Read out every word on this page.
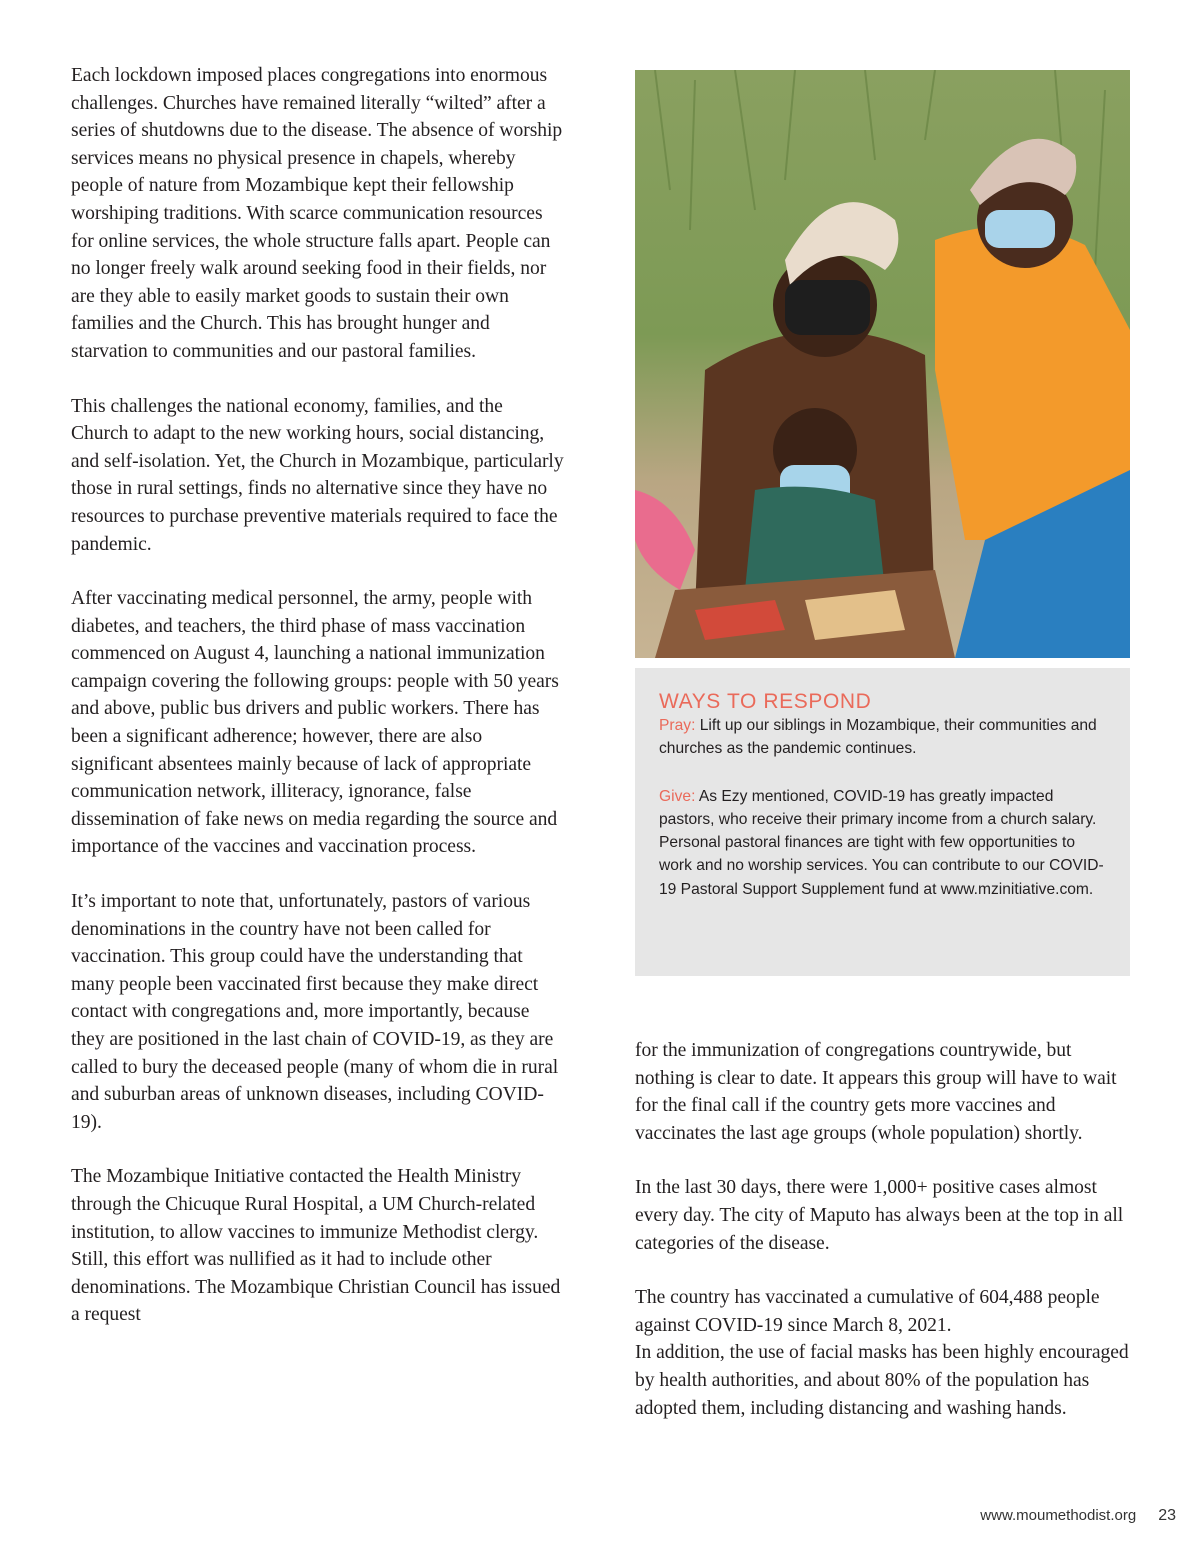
Each lockdown imposed places congregations into enormous challenges. Churches have remained literally “wilted” after a series of shutdowns due to the disease. The absence of worship services means no physical presence in chapels, whereby people of nature from Mozambique kept their fellowship worshiping traditions. With scarce communication resources for online services, the whole structure falls apart. People can no longer freely walk around seeking food in their fields, nor are they able to easily market goods to sustain their own families and the Church. This has brought hunger and starvation to communities and our pastoral families.

This challenges the national economy, families, and the Church to adapt to the new working hours, social distancing, and self-isolation. Yet, the Church in Mozambique, particularly those in rural settings, finds no alternative since they have no resources to purchase preventive materials required to face the pandemic.

After vaccinating medical personnel, the army, people with diabetes, and teachers, the third phase of mass vaccination commenced on August 4, launching a national immunization campaign covering the following groups: people with 50 years and above, public bus drivers and public workers. There has been a significant adherence; however, there are also significant absentees mainly because of lack of appropriate communication network, illiteracy, ignorance, false dissemination of fake news on media regarding the source and importance of the vaccines and vaccination process.

It’s important to note that, unfortunately, pastors of various denominations in the country have not been called for vaccination. This group could have the understanding that many people been vaccinated first because they make direct contact with congregations and, more importantly, because they are positioned in the last chain of COVID-19, as they are called to bury the deceased people (many of whom die in rural and suburban areas of unknown diseases, including COVID-19).

The Mozambique Initiative contacted the Health Ministry through the Chicuque Rural Hospital, a UM Church-related institution, to allow vaccines to immunize Methodist clergy. Still, this effort was nullified as it had to include other denominations. The Mozambique Christian Council has issued a request

WAYS TO RESPOND

Pray: Lift up our siblings in Mozambique, their communities and churches as the pandemic continues.

Give: As Ezy mentioned, COVID-19 has greatly impacted pastors, who receive their primary income from a church salary. Personal pastoral finances are tight with few opportunities to work and no worship services. You can contribute to our COVID-19 Pastoral Support Supplement fund at www.mzinitiative.com.

for the immunization of congregations countrywide, but nothing is clear to date. It appears this group will have to wait for the final call if the country gets more vaccines and vaccinates the last age groups (whole population) shortly.

In the last 30 days, there were 1,000+ positive cases almost every day. The city of Maputo has always been at the top in all categories of the disease.

The country has vaccinated a cumulative of 604,488 people against COVID-19 since March 8, 2021.

In addition, the use of facial masks has been highly encouraged by health authorities, and about 80% of the population has adopted them, including distancing and washing hands.

www.moumethodist.org 23
